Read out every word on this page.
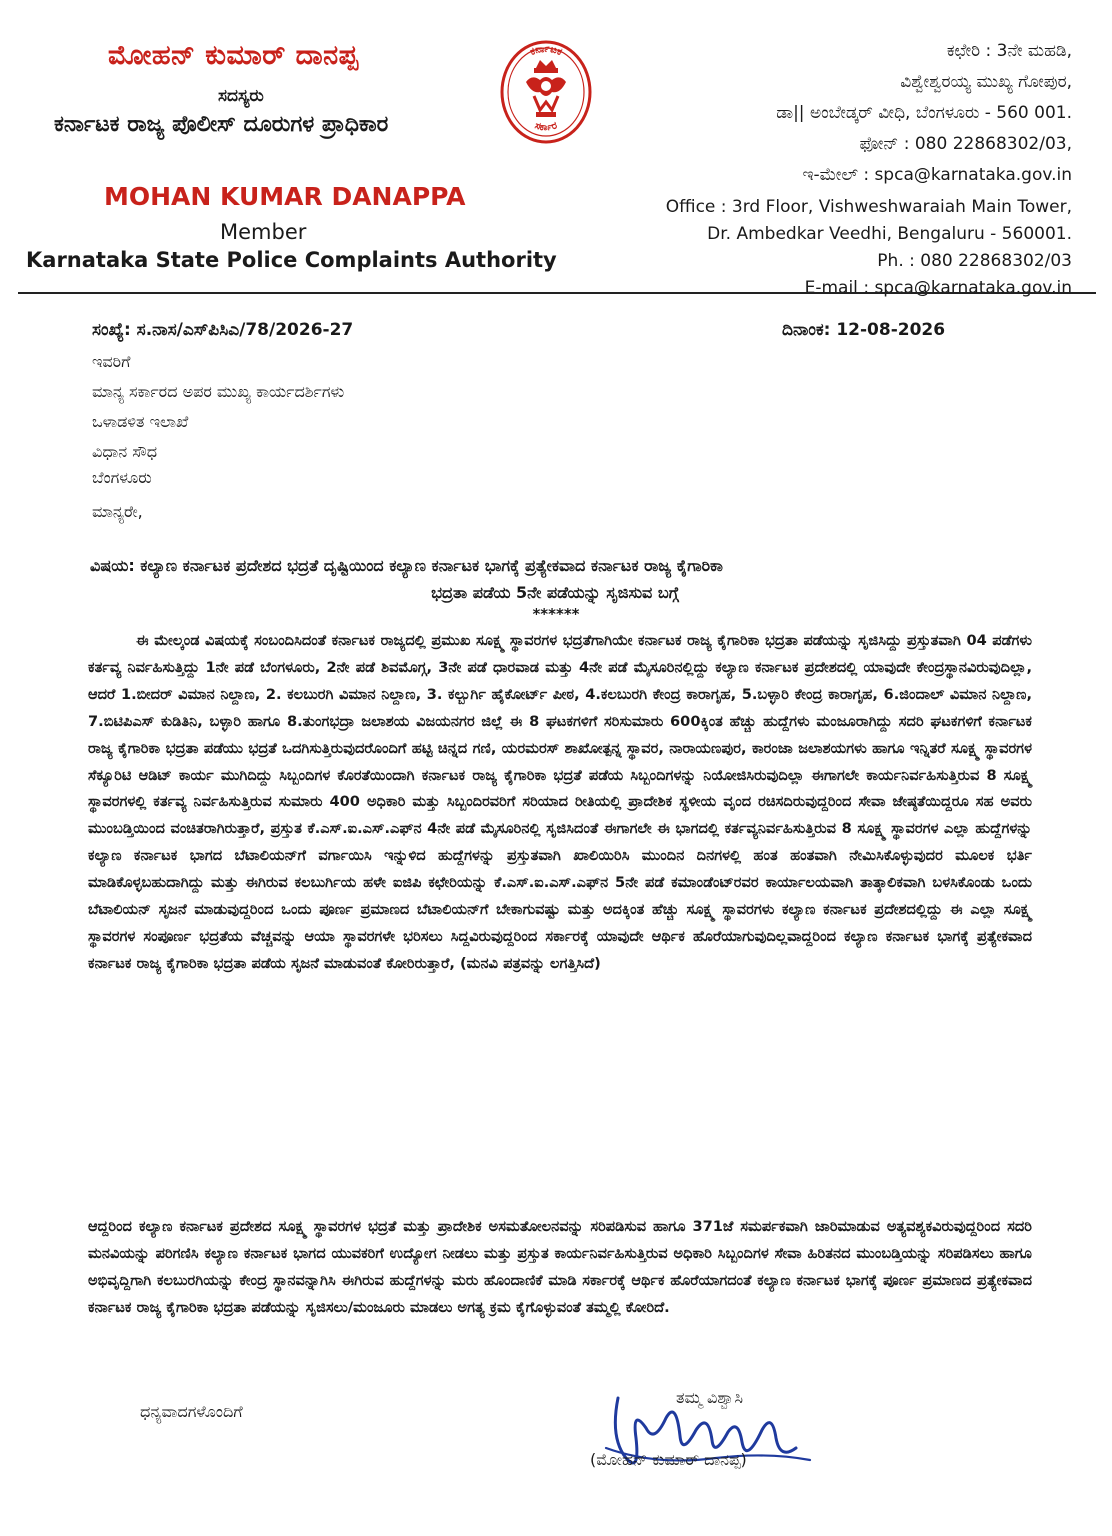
ಮೋಹನ್ ಕುಮಾರ್ ದಾನಪ್ಪ
ಸದಸ್ಯರು
ಕರ್ನಾಟಕ ರಾಜ್ಯ ಪೊಲೀಸ್ ದೂರುಗಳ ಪ್ರಾಧಿಕಾರ
MOHAN KUMAR DANAPPA
Member
Karnataka State Police Complaints Authority
ಕರ್ನಾಟಕ
ಸರ್ಕಾರ
ಕಛೇರಿ : 3ನೇ ಮಹಡಿ,
ವಿಶ್ವೇಶ್ವರಯ್ಯ ಮುಖ್ಯ ಗೋಪುರ,
ಡಾ|| ಅಂಬೇಡ್ಕರ್ ವೀಧಿ, ಬೆಂಗಳೂರು - 560 001.
ಫೋನ್ : 080 22868302/03,
ಇ-ಮೇಲ್ : spca@karnataka.gov.in
Office : 3rd Floor, Vishweshwaraiah Main Tower,
Dr. Ambedkar Veedhi, Bengaluru - 560001.
Ph. : 080 22868302/03
E-mail : spca@karnataka.gov.in
ಸಂಖ್ಯೆ: ಸ.ನಾಸ/ಎಸ್‌ಪಿಸಿಎ/78/2026-27	ದಿನಾಂಕ: 12-08-2026
ಇವರಿಗೆ
ಮಾನ್ಯ ಸರ್ಕಾರದ ಅಪರ ಮುಖ್ಯ ಕಾರ್ಯದರ್ಶಿಗಳು
ಒಳಾಡಳಿತ ಇಲಾಖೆ
ವಿಧಾನ ಸೌಧ
ಬೆಂಗಳೂರು
ಮಾನ್ಯರೇ,
ವಿಷಯ: ಕಲ್ಯಾಣ ಕರ್ನಾಟಕ ಪ್ರದೇಶದ ಭದ್ರತೆ ದೃಷ್ಟಿಯಿಂದ ಕಲ್ಯಾಣ ಕರ್ನಾಟಕ ಭಾಗಕ್ಕೆ ಪ್ರತ್ಯೇಕವಾದ ಕರ್ನಾಟಕ ರಾಜ್ಯ ಕೈಗಾರಿಕಾ
ಭದ್ರತಾ ಪಡೆಯ 5ನೇ ಪಡೆಯನ್ನು ಸೃಜಿಸುವ ಬಗ್ಗೆ
******
ಈ ಮೇಲ್ಕಂಡ ವಿಷಯಕ್ಕೆ ಸಂಬಂದಿಸಿದಂತೆ ಕರ್ನಾಟಕ ರಾಜ್ಯದಲ್ಲಿ ಪ್ರಮುಖ ಸೂಕ್ಷ್ಮ ಸ್ಥಾವರಗಳ ಭದ್ರತೆಗಾಗಿಯೇ ಕರ್ನಾಟಕ ರಾಜ್ಯ ಕೈಗಾರಿಕಾ ಭದ್ರತಾ ಪಡೆಯನ್ನು ಸೃಜಿಸಿದ್ದು ಪ್ರಸ್ತುತವಾಗಿ 04 ಪಡೆಗಳು ಕರ್ತವ್ಯ ನಿರ್ವಹಿಸುತ್ತಿದ್ದು 1ನೇ ಪಡೆ ಬೆಂಗಳೂರು, 2ನೇ ಪಡೆ ಶಿವಮೊಗ್ಗ, 3ನೇ ಪಡೆ ಧಾರವಾಡ ಮತ್ತು 4ನೇ ಪಡೆ ಮೈಸೂರಿನಲ್ಲಿದ್ದು ಕಲ್ಯಾಣ ಕರ್ನಾಟಕ ಪ್ರದೇಶದಲ್ಲಿ ಯಾವುದೇ ಕೇಂದ್ರಸ್ಥಾನವಿರುವುದಿಲ್ಲಾ, ಆದರೆ 1.ಬೀದರ್ ವಿಮಾನ ನಿಲ್ದಾಣ, 2. ಕಲಬುರಗಿ ವಿಮಾನ ನಿಲ್ದಾಣ, 3. ಕಲ್ಬುರ್ಗಿ ಹೈಕೋರ್ಟ್ ಪೀಠ, 4.ಕಲಬುರಗಿ ಕೇಂದ್ರ ಕಾರಾಗೃಹ, 5.ಬಳ್ಳಾರಿ ಕೇಂದ್ರ ಕಾರಾಗೃಹ, 6.ಜಿಂದಾಲ್ ವಿಮಾನ ನಿಲ್ದಾಣ, 7.ಬಿಟಿಪಿಎಸ್ ಕುಡಿತಿನಿ, ಬಳ್ಳಾರಿ ಹಾಗೂ 8.ತುಂಗಭದ್ರಾ ಜಲಾಶಯ ವಿಜಯನಗರ ಜಿಲ್ಲೆ ಈ 8 ಘಟಕಗಳಿಗೆ ಸರಿಸುಮಾರು 600ಕ್ಕಿಂತ ಹೆಚ್ಚು ಹುದ್ದೆಗಳು ಮಂಜೂರಾಗಿದ್ದು ಸದರಿ ಘಟಕಗಳಿಗೆ ಕರ್ನಾಟಕ ರಾಜ್ಯ ಕೈಗಾರಿಕಾ ಭದ್ರತಾ ಪಡೆಯು ಭದ್ರತೆ ಒದಗಿಸುತ್ತಿರುವುದರೊಂದಿಗೆ ಹಟ್ಟಿ ಚಿನ್ನದ ಗಣಿ, ಯರಮರಸ್ ಶಾಖೋತ್ಪನ್ನ ಸ್ಥಾವರ, ನಾರಾಯಣಪುರ, ಕಾರಂಜಾ ಜಲಾಶಯಗಳು ಹಾಗೂ ಇನ್ನಿತರೆ ಸೂಕ್ಷ್ಮ ಸ್ಥಾವರಗಳ ಸೆಕ್ಯೂರಿಟಿ ಆಡಿಟ್ ಕಾರ್ಯ ಮುಗಿದಿದ್ದು ಸಿಬ್ಬಂದಿಗಳ ಕೊರತೆಯಿಂದಾಗಿ ಕರ್ನಾಟಕ ರಾಜ್ಯ ಕೈಗಾರಿಕಾ ಭದ್ರತೆ ಪಡೆಯ ಸಿಬ್ಬಂದಿಗಳನ್ನು ನಿಯೋಜಿಸಿರುವುದಿಲ್ಲಾ ಈಗಾಗಲೇ ಕಾರ್ಯನಿರ್ವಹಿಸುತ್ತಿರುವ 8 ಸೂಕ್ಷ್ಮ ಸ್ಥಾವರಗಳಲ್ಲಿ ಕರ್ತವ್ಯ ನಿರ್ವಹಿಸುತ್ತಿರುವ ಸುಮಾರು 400 ಅಧಿಕಾರಿ ಮತ್ತು ಸಿಬ್ಬಂದಿರವರಿಗೆ ಸರಿಯಾದ ರೀತಿಯಲ್ಲಿ ಪ್ರಾದೇಶಿಕ ಸ್ಥಳೀಯ ವೃಂದ ರಚಿಸದಿರುವುದ್ದರಿಂದ ಸೇವಾ ಜೇಷ್ಠತೆಯಿದ್ದರೂ ಸಹ ಅವರು ಮುಂಬಡ್ತಿಯಿಂದ ವಂಚಿತರಾಗಿರುತ್ತಾರೆ, ಪ್ರಸ್ತುತ ಕೆ.ಎಸ್.ಐ.ಎಸ್.ಎಫ್‌ನ 4ನೇ ಪಡೆ ಮೈಸೂರಿನಲ್ಲಿ ಸೃಜಿಸಿದಂತೆ ಈಗಾಗಲೇ ಈ ಭಾಗದಲ್ಲಿ ಕರ್ತವ್ಯನಿರ್ವಹಿಸುತ್ತಿರುವ 8 ಸೂಕ್ಷ್ಮ ಸ್ಥಾವರಗಳ ಎಲ್ಲಾ ಹುದ್ದೆಗಳನ್ನು ಕಲ್ಯಾಣ ಕರ್ನಾಟಕ ಭಾಗದ ಬೆಟಾಲಿಯನ್‌ಗೆ ವರ್ಗಾಯಿಸಿ ಇನ್ನುಳಿದ ಹುದ್ದೆಗಳನ್ನು ಪ್ರಸ್ತುತವಾಗಿ ಖಾಲಿಯಿರಿಸಿ ಮುಂದಿನ ದಿನಗಳಲ್ಲಿ ಹಂತ ಹಂತವಾಗಿ ನೇಮಿಸಿಕೊಳ್ಳುವುದರ ಮೂಲಕ ಭರ್ತಿ ಮಾಡಿಕೊಳ್ಳಬಹುದಾಗಿದ್ದು ಮತ್ತು ಈಗಿರುವ ಕಲಬುರ್ಗಿಯ ಹಳೇ ಐಜಿಪಿ ಕಛೇರಿಯನ್ನು ಕೆ.ಎಸ್.ಐ.ಎಸ್.ಎಫ್‌ನ 5ನೇ ಪಡೆ ಕಮಾಂಡೆಂಟ್‌ರವರ ಕಾರ್ಯಾಲಯವಾಗಿ ತಾತ್ಕಾಲಿಕವಾಗಿ ಬಳಸಿಕೊಂಡು ಒಂದು ಬೆಟಾಲಿಯನ್ ಸೃಜನೆ ಮಾಡುವುದ್ದರಿಂದ ಒಂದು ಪೂರ್ಣ ಪ್ರಮಾಣದ ಬೆಟಾಲಿಯನ್‌ಗೆ ಬೇಕಾಗುವಷ್ಟು ಮತ್ತು ಅದಕ್ಕಿಂತ ಹೆಚ್ಚು ಸೂಕ್ಷ್ಮ ಸ್ಥಾವರಗಳು ಕಲ್ಯಾಣ ಕರ್ನಾಟಕ ಪ್ರದೇಶದಲ್ಲಿದ್ದು ಈ ಎಲ್ಲಾ ಸೂಕ್ಷ್ಮ ಸ್ಥಾವರಗಳ ಸಂಪೂರ್ಣ ಭದ್ರತೆಯ ವೆಚ್ಚವನ್ನು ಆಯಾ ಸ್ಥಾವರಗಳೇ ಭರಿಸಲು ಸಿದ್ದವಿರುವುದ್ದರಿಂದ ಸರ್ಕಾರಕ್ಕೆ ಯಾವುದೇ ಆರ್ಥಿಕ ಹೊರೆಯಾಗುವುದಿಲ್ಲವಾದ್ದರಿಂದ ಕಲ್ಯಾಣ ಕರ್ನಾಟಕ ಭಾಗಕ್ಕೆ ಪ್ರತ್ಯೇಕವಾದ ಕರ್ನಾಟಕ ರಾಜ್ಯ ಕೈಗಾರಿಕಾ ಭದ್ರತಾ ಪಡೆಯ ಸೃಜನೆ ಮಾಡುವಂತೆ ಕೋರಿರುತ್ತಾರೆ, (ಮನವಿ ಪತ್ರವನ್ನು ಲಗತ್ತಿಸಿದೆ)
ಆದ್ದರಿಂದ ಕಲ್ಯಾಣ ಕರ್ನಾಟಕ ಪ್ರದೇಶದ ಸೂಕ್ಷ್ಮ ಸ್ಥಾವರಗಳ ಭದ್ರತೆ ಮತ್ತು ಪ್ರಾದೇಶಿಕ ಅಸಮತೋಲನವನ್ನು ಸರಿಪಡಿಸುವ ಹಾಗೂ 371ಜೆ ಸಮರ್ಪಕವಾಗಿ ಜಾರಿಮಾಡುವ ಅತ್ಯವಶ್ಯಕವಿರುವುದ್ದರಿಂದ ಸದರಿ ಮನವಿಯನ್ನು ಪರಿಗಣಿಸಿ ಕಲ್ಯಾಣ ಕರ್ನಾಟಕ ಭಾಗದ ಯುವಕರಿಗೆ ಉದ್ಯೋಗ ನೀಡಲು ಮತ್ತು ಪ್ರಸ್ತುತ ಕಾರ್ಯನಿರ್ವಹಿಸುತ್ತಿರುವ ಅಧಿಕಾರಿ ಸಿಬ್ಬಂದಿಗಳ ಸೇವಾ ಹಿರಿತನದ ಮುಂಬಡ್ತಿಯನ್ನು ಸರಿಪಡಿಸಲು ಹಾಗೂ ಅಭಿವೃದ್ದಿಗಾಗಿ ಕಲಬುರಗಿಯನ್ನು ಕೇಂದ್ರ ಸ್ಥಾನವನ್ನಾಗಿಸಿ ಈಗಿರುವ ಹುದ್ದೆಗಳನ್ನು ಮರು ಹೊಂದಾಣಿಕೆ ಮಾಡಿ ಸರ್ಕಾರಕ್ಕೆ ಆರ್ಥಿಕ ಹೊರೆಯಾಗದಂತೆ ಕಲ್ಯಾಣ ಕರ್ನಾಟಕ ಭಾಗಕ್ಕೆ ಪೂರ್ಣ ಪ್ರಮಾಣದ ಪ್ರತ್ಯೇಕವಾದ ಕರ್ನಾಟಕ ರಾಜ್ಯ ಕೈಗಾರಿಕಾ ಭದ್ರತಾ ಪಡೆಯನ್ನು ಸೃಜಿಸಲು/ಮಂಜೂರು ಮಾಡಲು ಅಗತ್ಯ ಕ್ರಮ ಕೈಗೊಳ್ಳುವಂತೆ ತಮ್ಮಲ್ಲಿ ಕೋರಿದೆ.
ಧನ್ಯವಾದಗಳೊಂದಿಗೆ
ತಮ್ಮ ವಿಶ್ವಾಸಿ
(ಮೋಹನ್ ಕುಮಾರ್ ದಾನಪ್ಪ)
